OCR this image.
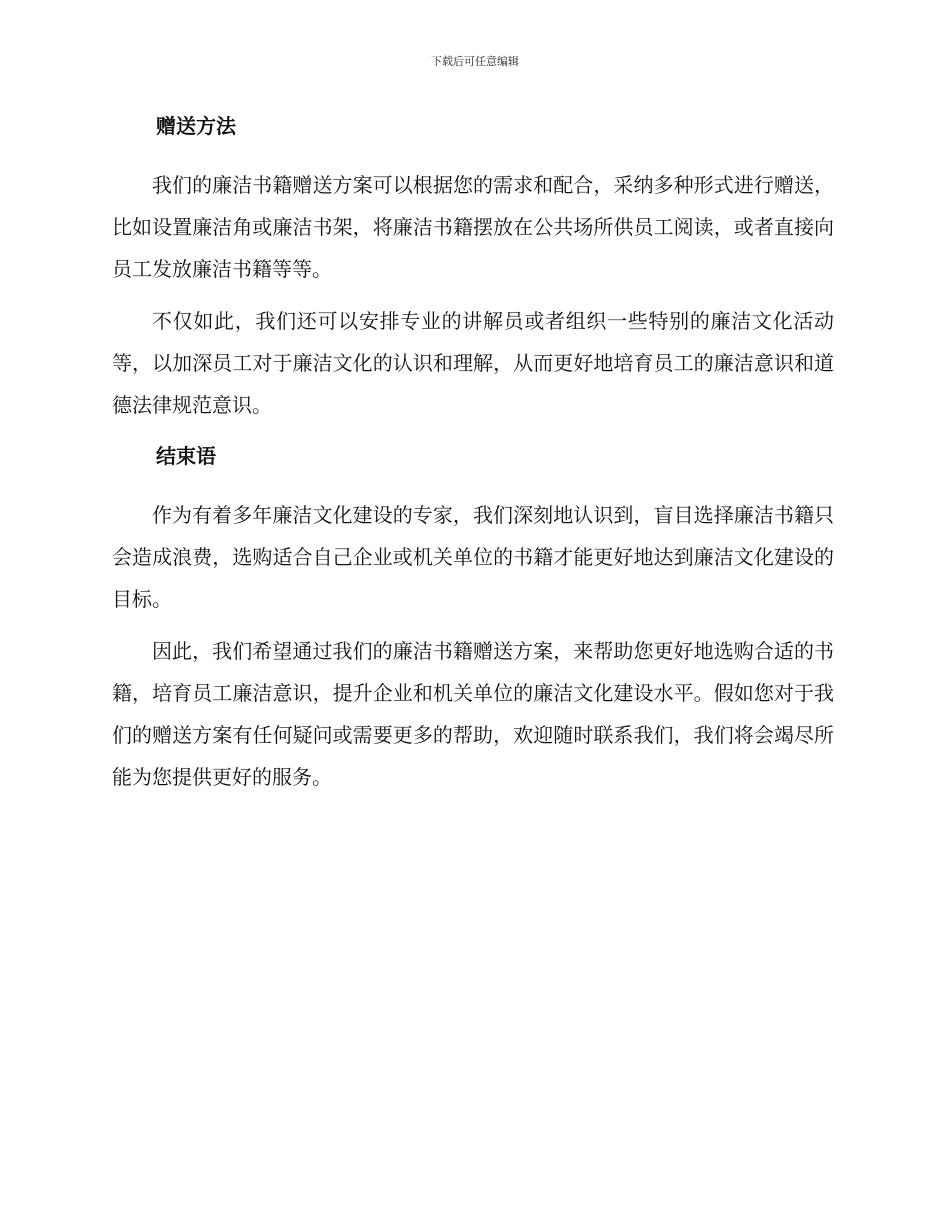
下载后可任意编辑
赠送方法

我们的廉洁书籍赠送方案可以根据您的需求和配合，采纳多种形式进行赠送，比如设置廉洁角或廉洁书架，将廉洁书籍摆放在公共场所供员工阅读，或者直接向员工发放廉洁书籍等等。

不仅如此，我们还可以安排专业的讲解员或者组织一些特别的廉洁文化活动等，以加深员工对于廉洁文化的认识和理解，从而更好地培育员工的廉洁意识和道德法律规范意识。

结束语

作为有着多年廉洁文化建设的专家，我们深刻地认识到，盲目选择廉洁书籍只会造成浪费，选购适合自己企业或机关单位的书籍才能更好地达到廉洁文化建设的目标。

因此，我们希望通过我们的廉洁书籍赠送方案，来帮助您更好地选购合适的书籍，培育员工廉洁意识，提升企业和机关单位的廉洁文化建设水平。假如您对于我们的赠送方案有任何疑问或需要更多的帮助，欢迎随时联系我们，我们将会竭尽所能为您提供更好的服务。
